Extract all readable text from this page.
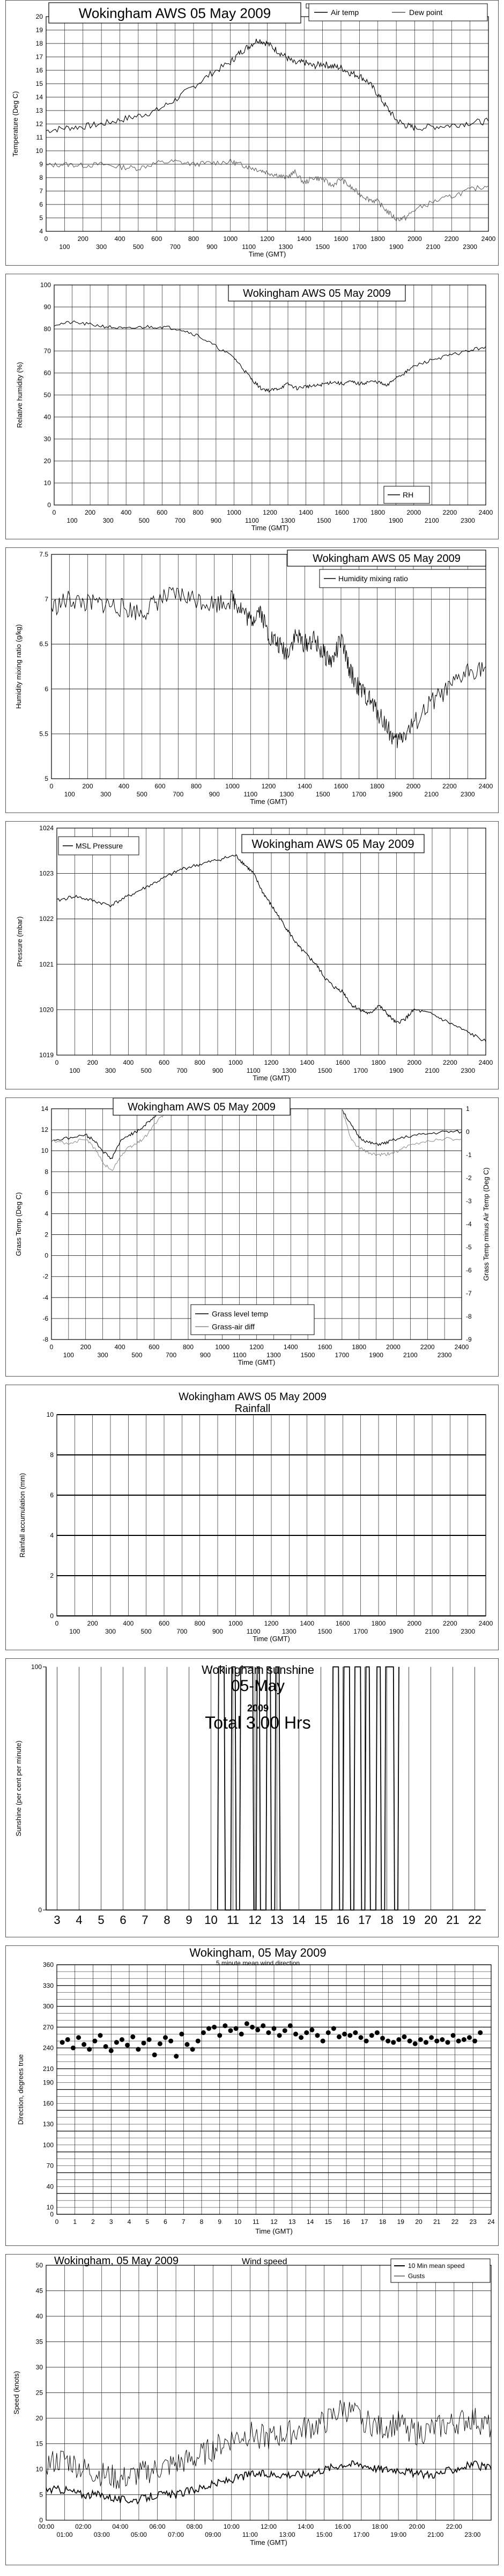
4
5
6
7
8
9
10
11
12
13
14
15
16
17
18
19
20
0
100
200
300
400
500
600
700
800
900
1000
1100
1200
1300
1400
1500
1600
1700
1800
1900
2000
2100
2200
2300
2400
Time (GMT)
Temperature (Deg C)
Wokingham AWS 05 May 2009	Air temp	Dew point
0
10
20
30
40
50
60
70
80
90
100
0
100
200
300
400
500
600
700
800
900
1000
1100
1200
1300
1400
1500
1600
1700
1800
1900
2000
2100
2200
2300
2400
Time (GMT)
Relative humidity (%)
Wokingham AWS 05 May 2009
RH
5
5.5
6
6.5
7
7.5
0
100
200
300
400
500
600
700
800
900
1000
1100
1200
1300
1400
1500
1600
1700
1800
1900
2000
2100
2200
2300
2400
Time (GMT)
Humidity mixing ratio (g/kg)
Wokingham AWS 05 May 2009
Humidity mixing ratio
1019
1020
1021
1022
1023
1024
0
100
200
300
400
500
600
700
800
900
1000
1100
1200
1300
1400
1500
1600
1700
1800
1900
2000
2100
2200
2300
2400
Time (GMT)
Pressure (mbar)
MSL Pressure	Wokingham AWS 05 May 2009
-8
-6
-4
-2
0
2
4
6
8
10
12
14
-9
-8
-7
-6
-5
-4
-3
-2
-1
0
1
0
100
200
300
400
500
600
700
800
900
1000
1100
1200
1300
1400
1500
1600
1700
1800
1900
2000
2100
2200
2300
2400
Time (GMT)
Grass Temp (Deg C)	Grass Temp minus Air Temp (Deg C)
Wokingham AWS 05 May 2009
Grass level temp
Grass-air diff
0
100
200
300
400
500
600
700
800
900
1000
1100
1200
1300
1400
1500
1600
1700
1800
1900
2000
2100
2200
2300
2400
Time (GMT)
0
2
4
6
8
10
Rainfall accumulation (mm)
Wokingham AWS 05 May 2009
Rainfall
3 4 5 6 7 8 9 10 11 12 13 14 15 16 17 18 19 20 21 22
0
100
Sunshine (per cent per minute)
Wokingham sunshine
05-May
2009
Total 3.00 Hrs
0
10
40
70
100
130
160
190
210
240
270
300
330
360
0 1 2 3 4 5 6 7 8 9 10 11 12 13 14 15 16 17 18 19 20 21 22 23 24
Time (GMT)
Direction, degrees true
Wokingham, 05 May 2009
5 minute mean wind direction
0
5
10
15
20
25
30
35
40
45
50
00:00	02:00	04:00	06:00	08:00	10:00	12:00	14:00	16:00	18:00	20:00	22:00
01:00	03:00	05:00	07:00	09:00	11:00	13:00	15:00	17:00	19:00	21:00	23:00
Time (GMT)
Speed (knots)
Wokingham, 05 May 2009	Wind speed	10 Min mean speed
Gusts
